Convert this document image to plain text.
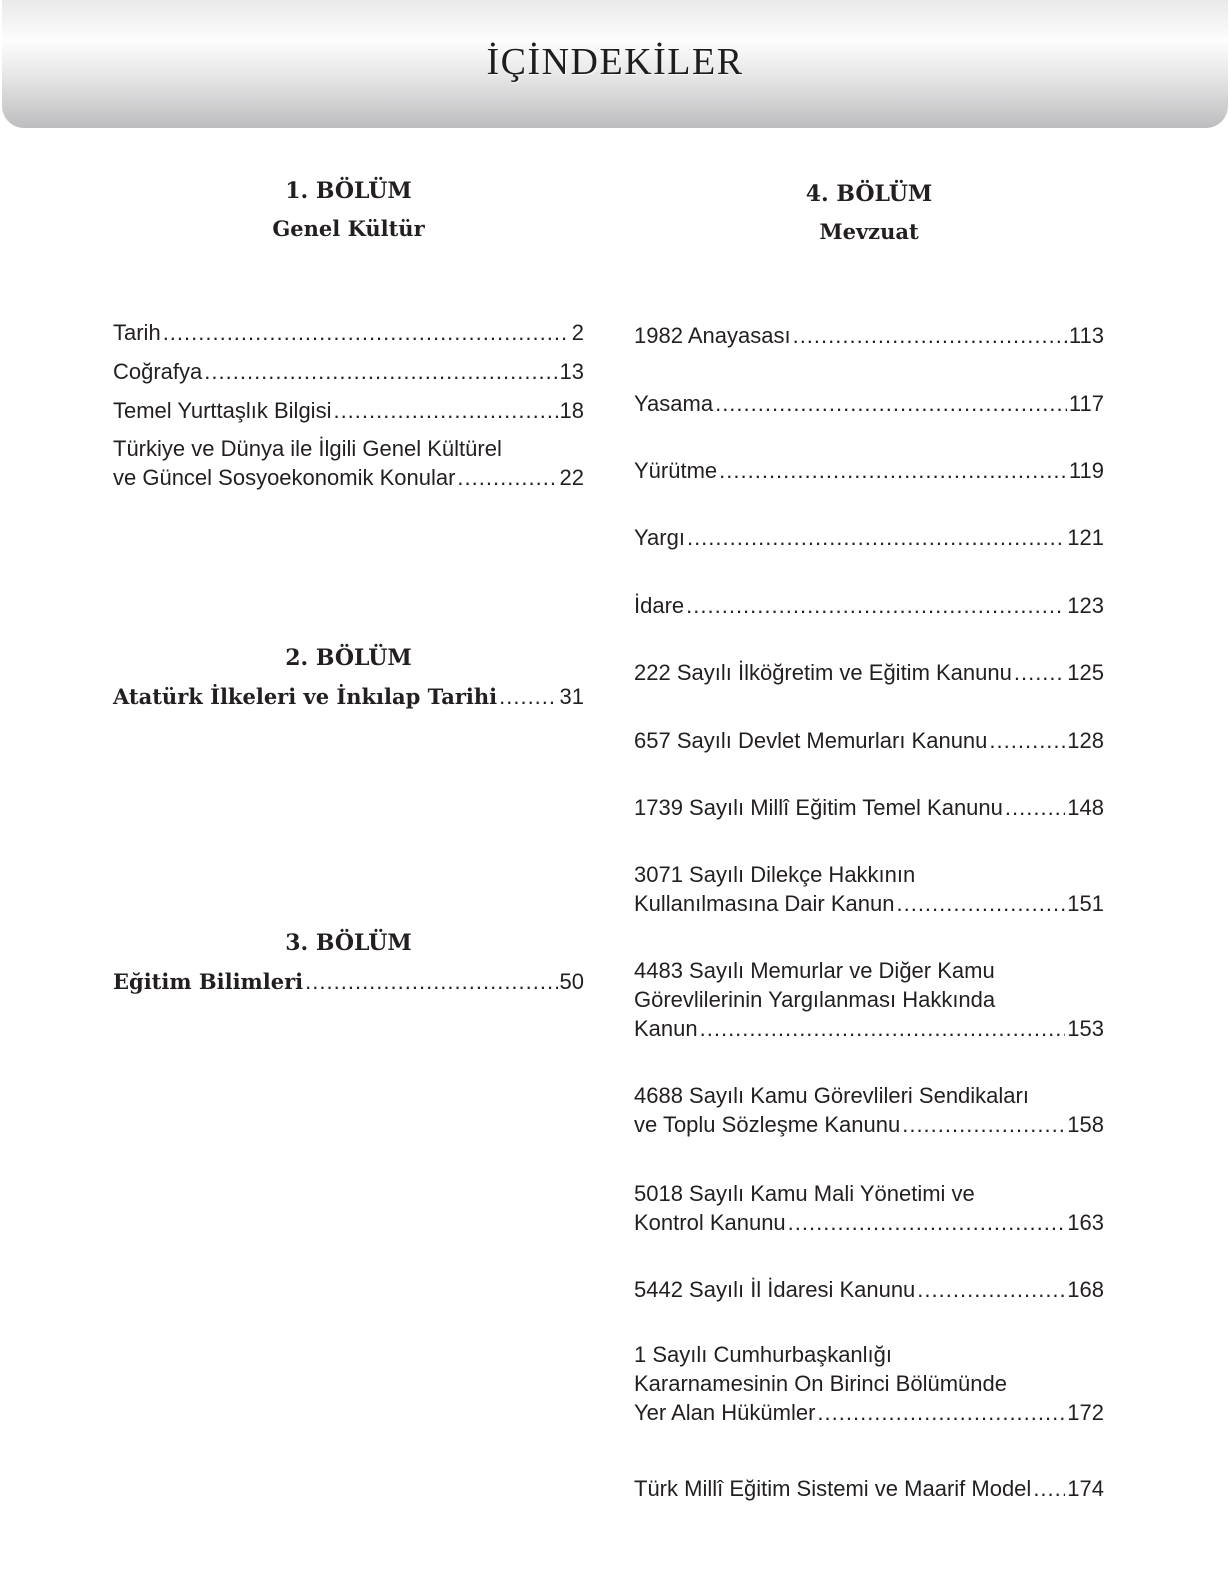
İÇİNDEKİLER
1. BÖLÜM
Genel Kültür
Tarih .....	2
Coğrafya .....	13
Temel Yurttaşlık Bilgisi .....	18
Türkiye ve Dünya ile İlgili Genel Kültürel
ve Güncel Sosyoekonomik Konular .....	22
2. BÖLÜM
Atatürk İlkeleri ve İnkılap Tarihi .....	31
3. BÖLÜM
Eğitim Bilimleri .....	50
4. BÖLÜM
Mevzuat
1982 Anayasası .....	113
Yasama .....	117
Yürütme .....	119
Yargı .....	121
İdare .....	123
222 Sayılı İlköğretim ve Eğitim Kanunu .....	125
657 Sayılı Devlet Memurları Kanunu .....	128
1739 Sayılı Millî Eğitim Temel Kanunu .....	148
3071 Sayılı Dilekçe Hakkının
Kullanılmasına Dair Kanun .....	151
4483 Sayılı Memurlar ve Diğer Kamu
Görevlilerinin Yargılanması Hakkında
Kanun .....	153
4688 Sayılı Kamu Görevlileri Sendikaları
ve Toplu Sözleşme Kanunu .....	158
5018 Sayılı Kamu Mali Yönetimi ve
Kontrol Kanunu .....	163
5442 Sayılı İl İdaresi Kanunu .....	168
1 Sayılı Cumhurbaşkanlığı
Kararnamesinin On Birinci Bölümünde
Yer Alan Hükümler .....	172
Türk Millî Eğitim Sistemi ve Maarif Model ..... 174
